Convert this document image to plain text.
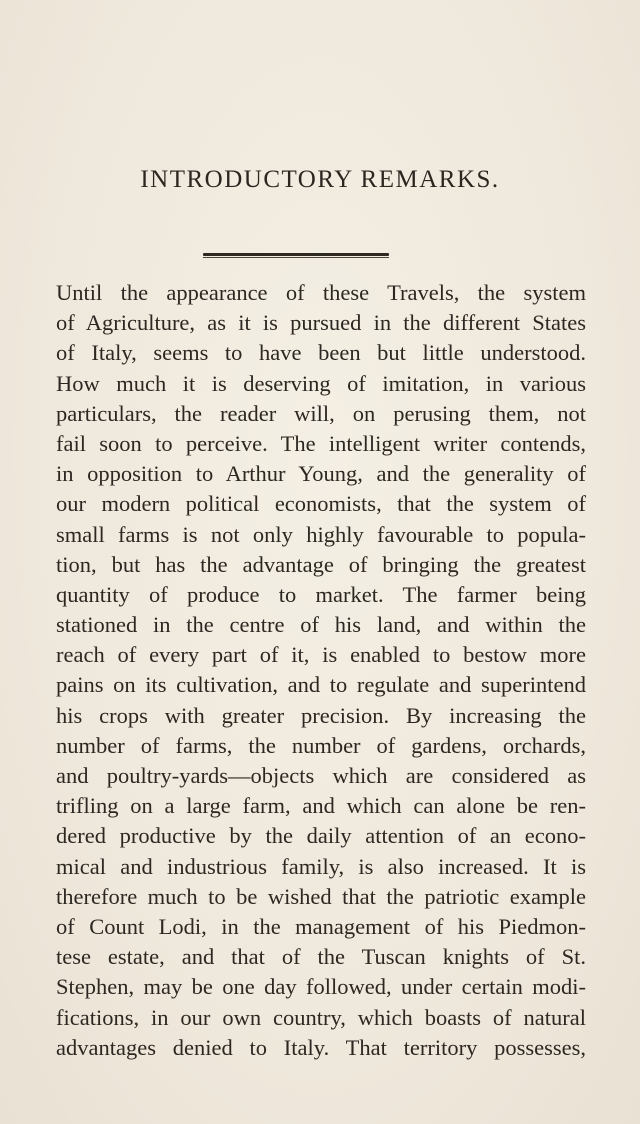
INTRODUCTORY REMARKS.
Until the appearance of these Travels, the system
of Agriculture, as it is pursued in the different States
of Italy, seems to have been but little understood.
How much it is deserving of imitation, in various
particulars, the reader will, on perusing them, not
fail soon to perceive. The intelligent writer contends,
in opposition to Arthur Young, and the generality of
our modern political economists, that the system of
small farms is not only highly favourable to popula-
tion, but has the advantage of bringing the greatest
quantity of produce to market. The farmer being
stationed in the centre of his land, and within the
reach of every part of it, is enabled to bestow more
pains on its cultivation, and to regulate and superintend
his crops with greater precision. By increasing the
number of farms, the number of gardens, orchards,
and poultry-yards—objects which are considered as
trifling on a large farm, and which can alone be ren-
dered productive by the daily attention of an econo-
mical and industrious family, is also increased. It is
therefore much to be wished that the patriotic example
of Count Lodi, in the management of his Piedmon-
tese estate, and that of the Tuscan knights of St.
Stephen, may be one day followed, under certain modi-
fications, in our own country, which boasts of natural
advantages denied to Italy. That territory possesses,
